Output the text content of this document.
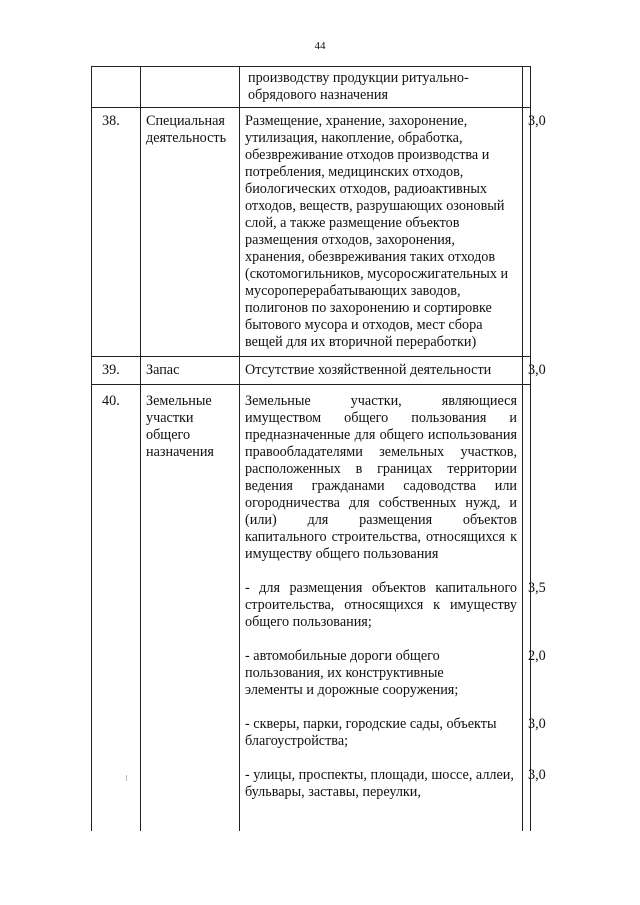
44
		производству продукции ритуально-обрядового назначения	
38.	Специальная деятельность	Размещение, хранение, захоронение, утилизация, накопление, обработка, обезвреживание отходов производства и потребления, медицинских отходов, биологических отходов, радиоактивных отходов, веществ, разрушающих озоновый слой, а также размещение объектов размещения отходов, захоронения, хранения, обезвреживания таких отходов (скотомогильников, мусоросжигательных и мусороперерабатывающих заводов, полигонов по захоронению и сортировке бытового мусора и отходов, мест сбора вещей для их вторичной переработки)	3,0
39.	Запас	Отсутствие хозяйственной деятельности	3,0
40.	Земельные участки общего назначения	Земельные участки, являющиеся имуществом общего пользования и предназначенные для общего использования правообладателями земельных участков, расположенных в границах территории ведения гражданами садоводства или огородничества для собственных нужд, и (или) для размещения объектов капитального строительства, относящихся к имуществу общего пользования	
		- для размещения объектов капитального строительства, относящихся к имуществу общего пользования;	3,5
		- автомобильные дороги общего пользования, их конструктивные элементы и дорожные сооружения;	2,0
		- скверы, парки, городские сады, объекты благоустройства;	3,0
		- улицы, проспекты, площади, шоссе, аллеи, бульвары, заставы, переулки,	3,0
